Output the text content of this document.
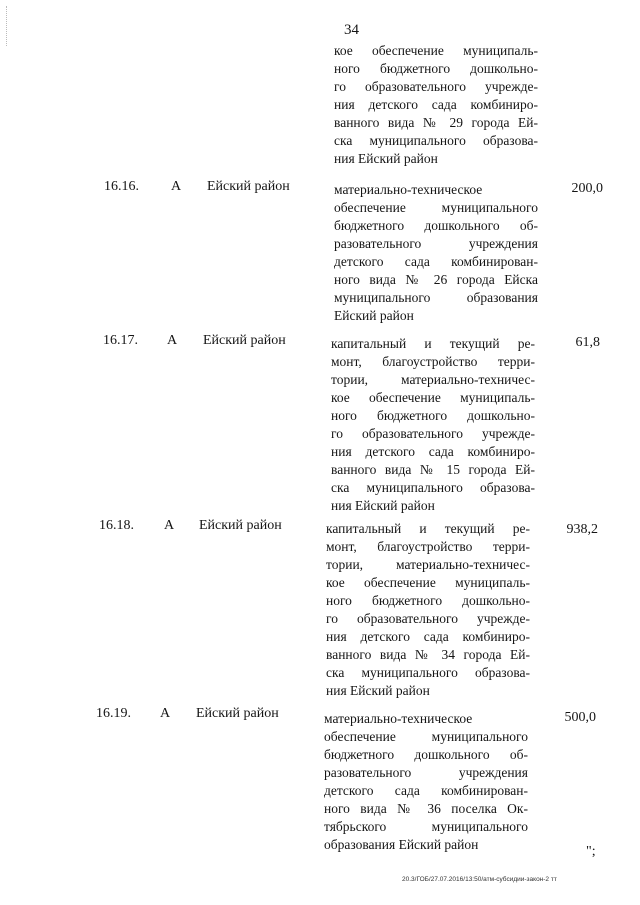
34
кое обеспечение муниципаль-
ного бюджетного дошкольно-
го образовательного учрежде-
ния детского сада комбиниро-
ванного вида № 29 города Ей-
ска муниципального образова-
ния Ейский район
16.16. А Ейский район	материально-техническое
обеспечение муниципального
бюджетного дошкольного об-
разовательного учреждения
детского сада комбинирован-
ного вида № 26 города Ейска
муниципального образования
Ейский район
200,0
16.17. А Ейский район	капитальный и текущий ре-
монт, благоустройство терри-
тории, материально-техничес-
кое обеспечение муниципаль-
ного бюджетного дошкольно-
го образовательного учрежде-
ния детского сада комбиниро-
ванного вида № 15 города Ей-
ска муниципального образова-
ния Ейский район
61,8
16.18. А Ейский район	капитальный и текущий ре-
монт, благоустройство терри-
тории, материально-техничес-
кое обеспечение муниципаль-
ного бюджетного дошкольно-
го образовательного учрежде-
ния детского сада комбиниро-
ванного вида № 34 города Ей-
ска муниципального образова-
ния Ейский район
938,2
16.19. А Ейский район	материально-техническое
обеспечение муниципального
бюджетного дошкольного об-
разовательного учреждения
детского сада комбинирован-
ного вида № 36 поселка Ок-
тябрьского муниципального
образования Ейский район
500,0
";
20.3/ГОБ/27.07.2016/13:50/атм-субсидии-закон-2 тт
